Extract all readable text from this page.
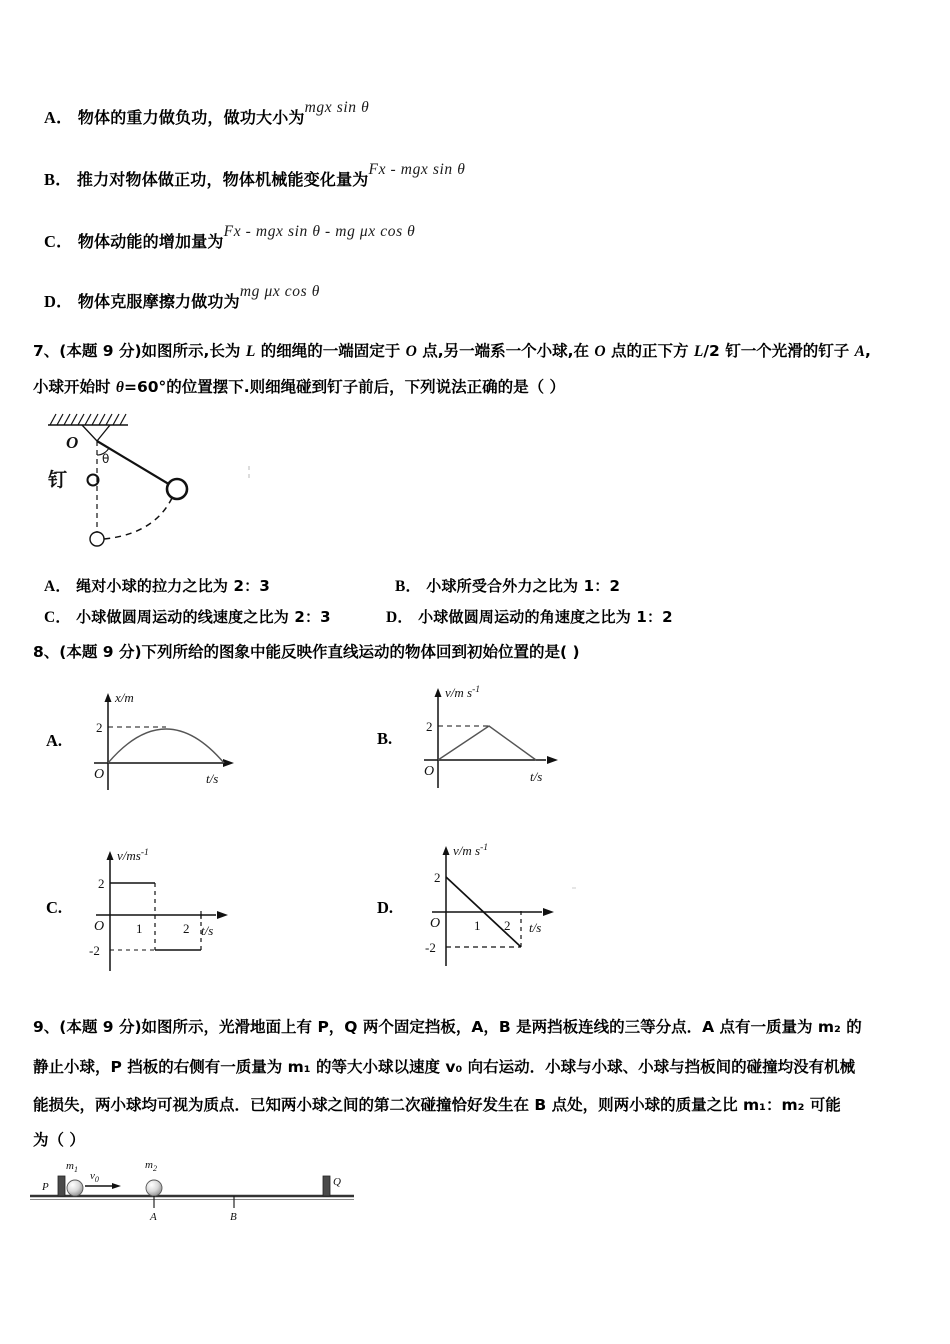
A． 物体的重力做负功，做功大小为mgx sin θ
B． 推力对物体做正功，物体机械能变化量为Fx - mgx sin θ
C． 物体动能的增加量为Fx - mgx sin θ - mg μx cos θ
D． 物体克服摩擦力做功为mg μx cos θ
7、(本题 9 分)如图所示,长为 L 的细绳的一端固定于 O 点,另一端系一个小球,在 O 点的正下方 L/2 钉一个光滑的钉子 A,
小球开始时 θ=60°的位置摆下.则细绳碰到钉子前后，下列说法正确的是（ ）
O
θ
钉
A． 绳对小球的拉力之比为 2：3	B． 小球所受合外力之比为 1：2
C． 小球做圆周运动的线速度之比为 2：3	D． 小球做圆周运动的角速度之比为 1：2
8、(本题 9 分)下列所给的图象中能反映作直线运动的物体回到初始位置的是( )
A.
x/m
t/s
O
2
B.
v/m $s^{-1}$
t/s
O
2
C.
$v/ms^{-1}$
t/s
O
2
-2
1	2
D.
v/m $s^{-1}$
t/s
O
2
-2
1 2
9、(本题 9 分)如图所示，光滑地面上有 P，Q 两个固定挡板，A，B 是两挡板连线的三等分点．A 点有一质量为 m₂ 的
静止小球，P 挡板的右侧有一质量为 m₁ 的等大小球以速度 v₀ 向右运动．小球与小球、小球与挡板间的碰撞均没有机械
能损失，两小球均可视为质点．已知两小球之间的第二次碰撞恰好发生在 B 点处，则两小球的质量之比 m₁：m₂ 可能
为（ ）
P	Q
$m_1$
$v_0$
$m_2$
A	B
